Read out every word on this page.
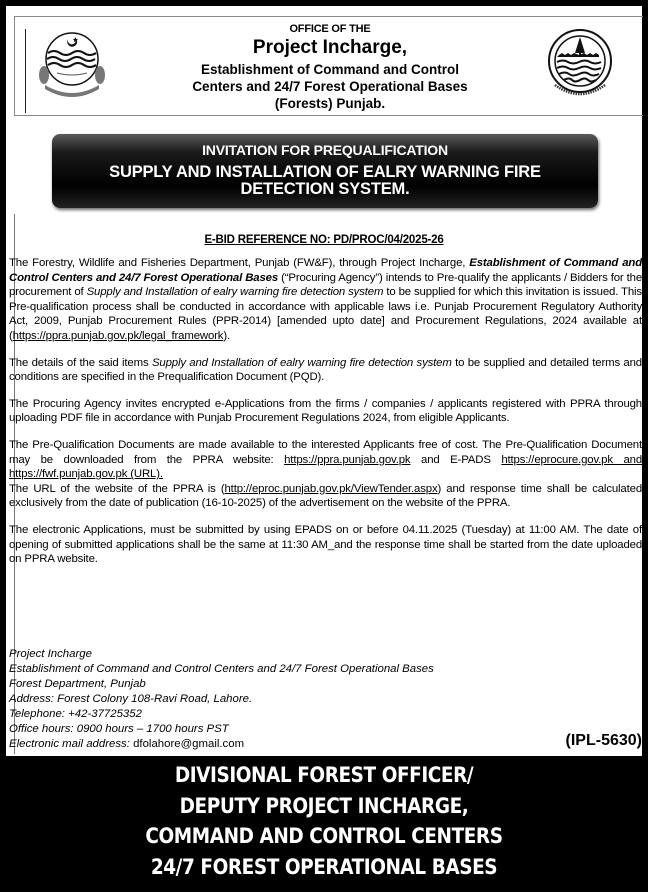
OFFICE OF THE
Project Incharge,
Establishment of Command and Control
Centers and 24/7 Forest Operational Bases
(Forests) Punjab.
INVITATION FOR PREQUALIFICATION
SUPPLY AND INSTALLATION OF EALRY WARNING FIRE
DETECTION SYSTEM.
E-BID REFERENCE NO: PD/PROC/04/2025-26

The Forestry, Wildlife and Fisheries Department, Punjab (FW&F), through Project Incharge, Establishment of Command and Control Centers and 24/7 Forest Operational Bases (“Procuring Agency”) intends to Pre-qualify the applicants / Bidders for the procurement of Supply and Installation of ealry warning fire detection system to be supplied for which this invitation is issued. This Pre-qualification process shall be conducted in accordance with applicable laws i.e. Punjab Procurement Regulatory Authority Act, 2009, Punjab Procurement Rules (PPR-2014) [amended upto date] and Procurement Regulations, 2024 available at (https://ppra.punjab.gov.pk/legal_framework).

The details of the said items Supply and Installation of ealry warning fire detection system to be supplied and detailed terms and conditions are specified in the Prequalification Document (PQD).

The Procuring Agency invites encrypted e-Applications from the firms / companies / applicants registered with PPRA through uploading PDF file in accordance with Punjab Procurement Regulations 2024, from eligible Applicants.

The Pre-Qualification Documents are made available to the interested Applicants free of cost. The Pre-Qualification Document may be downloaded from the PPRA website: https://ppra.punjab.gov.pk and E-PADS https://eprocure.gov.pk and https://fwf.punjab.gov.pk (URL).

The URL of the website of the PPRA is (http://eproc.punjab.gov.pk/ViewTender.aspx) and response time shall be calculated exclusively from the date of publication (16-10-2025) of the advertisement on the website of the PPRA.

The electronic Applications, must be submitted by using EPADS on or before 04.11.2025 (Tuesday) at 11:00 AM. The date of opening of submitted applications shall be the same at 11:30 AM_and the response time shall be started from the date uploaded on PPRA website.

Project Incharge
Establishment of Command and Control Centers and 24/7 Forest Operational Bases
Forest Department, Punjab
Address: Forest Colony 108-Ravi Road, Lahore.
Telephone: +42-37725352
Office hours: 0900 hours – 1700 hours PST
Electronic mail address: dfolahore@gmail.com	(IPL-5630)
DIVISIONAL FOREST OFFICER/
DEPUTY PROJECT INCHARGE,
COMMAND AND CONTROL CENTERS
24/7 FOREST OPERATIONAL BASES
